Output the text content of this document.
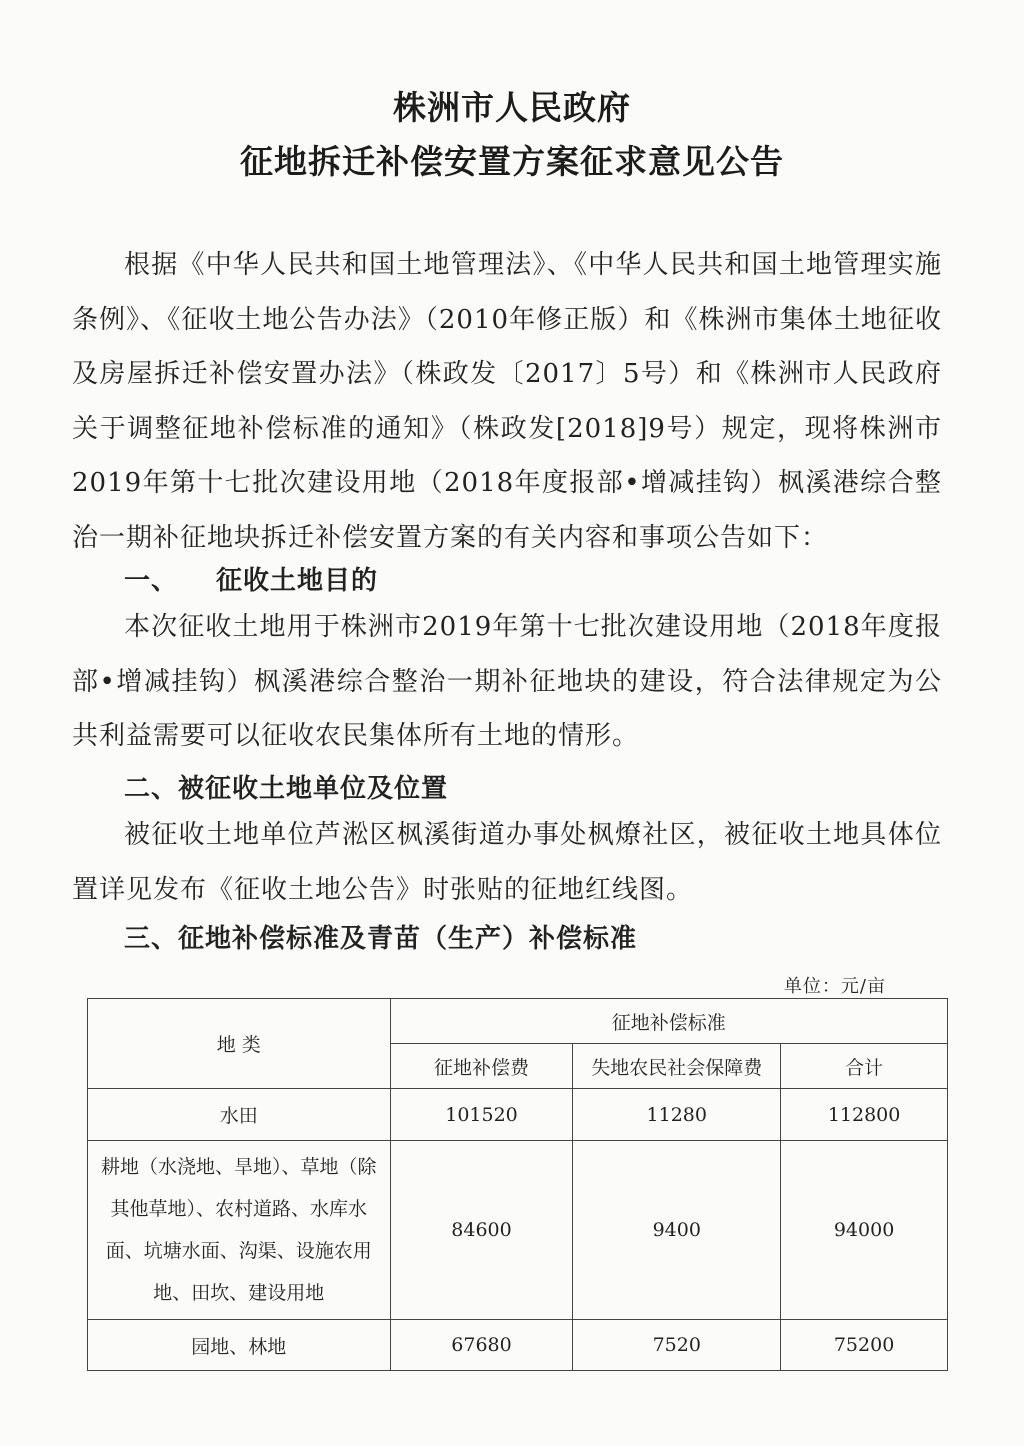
株洲市人民政府
征地拆迁补偿安置方案征求意见公告
根据《中华人民共和国土地管理法》、《中华人民共和国土地管理实施条例》、《征收土地公告办法》（2010年修正版）和《株洲市集体土地征收及房屋拆迁补偿安置办法》（株政发〔2017〕5号）和《株洲市人民政府关于调整征地补偿标准的通知》（株政发[2018]9号）规定，现将株洲市2019年第十七批次建设用地（2018年度报部•增减挂钩）枫溪港综合整治一期补征地块拆迁补偿安置方案的有关内容和事项公告如下：
一、 征收土地目的
本次征收土地用于株洲市2019年第十七批次建设用地（2018年度报部•增减挂钩）枫溪港综合整治一期补征地块的建设，符合法律规定为公共利益需要可以征收农民集体所有土地的情形。
二、被征收土地单位及位置
被征收土地单位芦淞区枫溪街道办事处枫燎社区，被征收土地具体位置详见发布《征收土地公告》时张贴的征地红线图。
三、征地补偿标准及青苗（生产）补偿标准
单位：元/亩
地 类	征地补偿标准		
	征地补偿费	失地农民社会保障费	合计
水田	101520	11280	112800
耕地（水浇地、旱地）、草地（除其他草地）、农村道路、水库水面、坑塘水面、沟渠、设施农用地、田坎、建设用地	84600	9400	94000
园地、林地	67680	7520	75200
